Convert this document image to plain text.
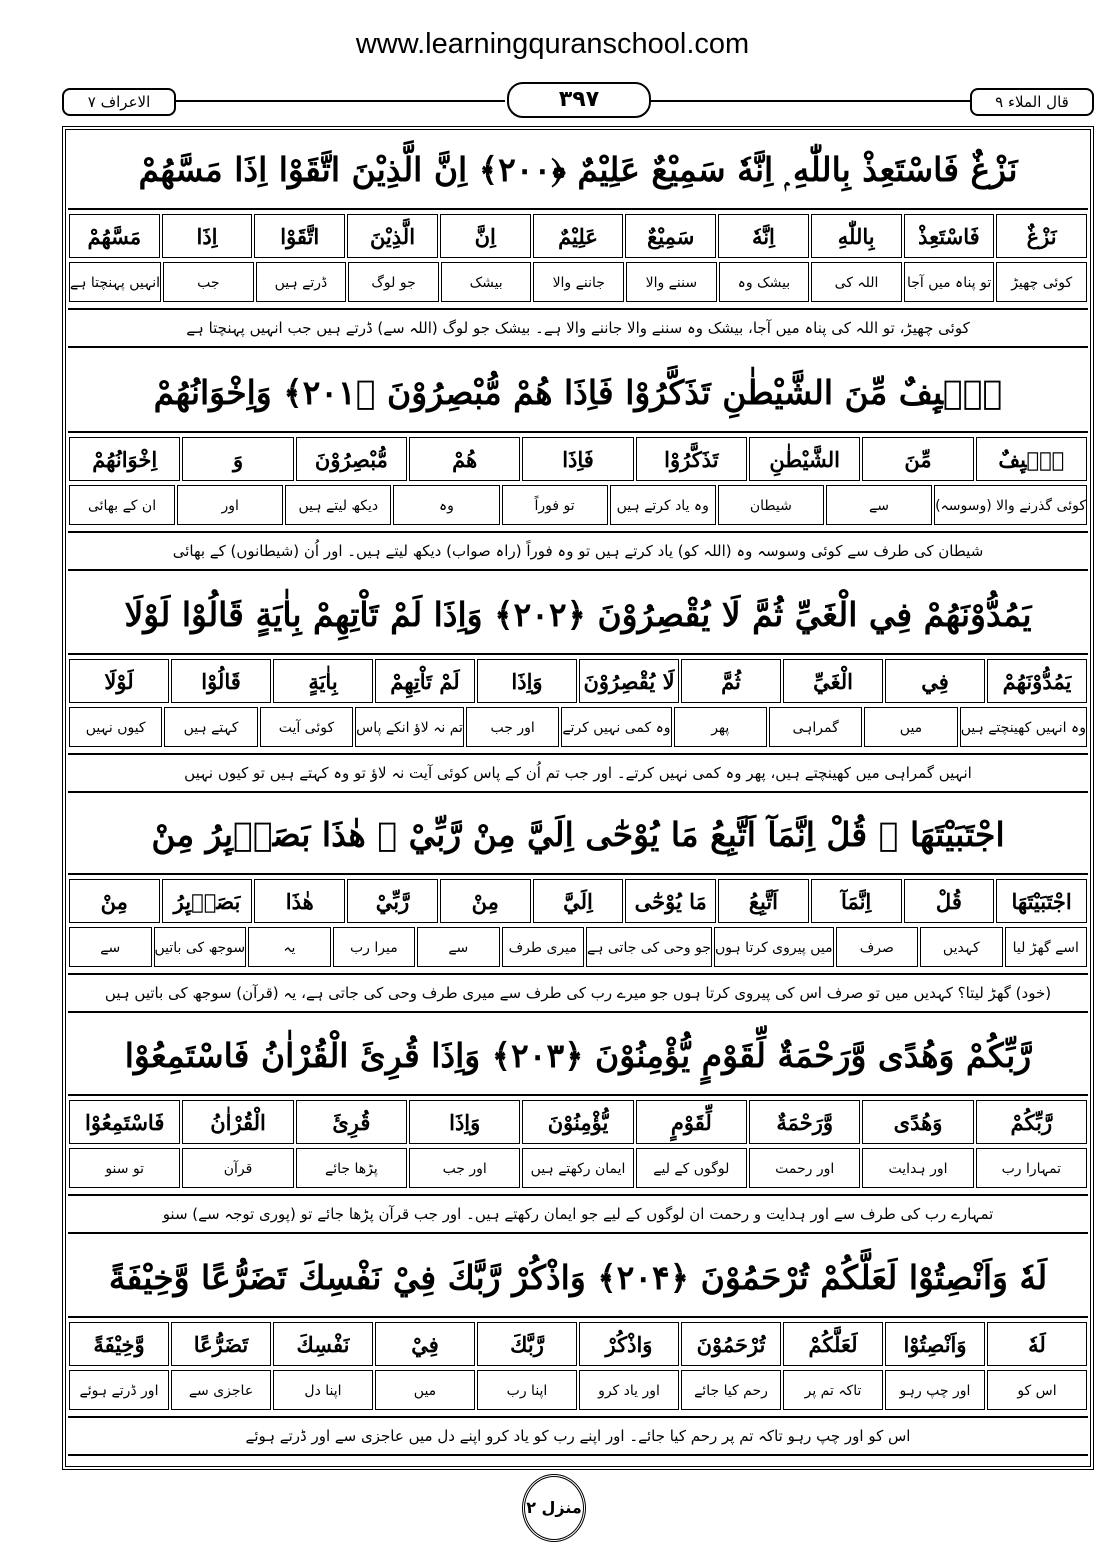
www.learningquranschool.com
قال الملاء ۹
۳۹۷
الاعراف ۷
نَزْغٌ فَاسْتَعِذْ بِاللّٰهِ ۭ اِنَّهٗ سَمِيْعٌ عَلِيْمٌ ﴿۲۰۰﴾ اِنَّ الَّذِيْنَ اتَّقَوْا اِذَا مَسَّهُمْ
نَزْغٌ
فَاسْتَعِذْ
بِاللّٰهِ
اِنَّهٗ
سَمِيْعٌ
عَلِيْمٌ
اِنَّ
الَّذِيْنَ
اتَّقَوْا
اِذَا
مَسَّهُمْ
کوئی چھیڑ
تو پناہ میں آجا
اللہ کی
بیشک وہ
سننے والا
جاننے والا
بیشک
جو لوگ
ڈرتے ہیں
جب
انہیں پہنچتا ہے
کوئی چھیڑ، تو اللہ کی پناہ میں آجا، بیشک وہ سننے والا جاننے والا ہے۔ بیشک جو لوگ (اللہ سے) ڈرتے ہیں جب انہیں پہنچتا ہے
طٰۗىِٕفٌ مِّنَ الشَّيْطٰنِ تَذَكَّرُوْا فَاِذَا هُمْ مُّبْصِرُوْنَ ﴿۲۰۱﴾ وَاِخْوَانُهُمْ
طٰۗىِٕفٌ
مِّنَ
الشَّيْطٰنِ
تَذَكَّرُوْا
فَاِذَا
هُمْ
مُّبْصِرُوْنَ
وَ
اِخْوَانُهُمْ
کوئی گذرنے والا (وسوسہ)
سے
شیطان
وہ یاد کرتے ہیں
تو فوراً
وہ
دیکھ لیتے ہیں
اور
ان کے بھائی
شیطان کی طرف سے کوئی وسوسہ وہ (اللہ کو) یاد کرتے ہیں تو وہ فوراً (راہ صواب) دیکھ لیتے ہیں۔ اور اُن (شیطانوں) کے بھائی
يَمُدُّوْنَهُمْ فِي الْغَيِّ ثُمَّ لَا يُقْصِرُوْنَ ﴿۲۰۲﴾ وَاِذَا لَمْ تَاْتِهِمْ بِاٰيَةٍ قَالُوْا لَوْلَا
يَمُدُّوْنَهُمْ
فِي
الْغَيِّ
ثُمَّ
لَا يُقْصِرُوْنَ
وَاِذَا
لَمْ تَاْتِهِمْ
بِاٰيَةٍ
قَالُوْا
لَوْلَا
وہ انہیں کھینچتے ہیں
میں
گمراہی
پھر
وہ کمی نہیں کرتے
اور جب
تم نہ لاؤ انکے پاس
کوئی آیت
کہتے ہیں
کیوں نہیں
انہیں گمراہی میں کھینچتے ہیں، پھر وہ کمی نہیں کرتے۔ اور جب تم اُن کے پاس کوئی آیت نہ لاؤ تو وہ کہتے ہیں تو کیوں نہیں
اجْتَبَيْتَهَا ۭ قُلْ اِنَّمَآ اَتَّبِعُ مَا يُوْحٰٓى اِلَيَّ مِنْ رَّبِّيْ ۚ هٰذَا بَصَاۗىِٕرُ مِنْ
اجْتَبَيْتَهَا
قُلْ
اِنَّمَآ
اَتَّبِعُ
مَا يُوْحٰٓى
اِلَيَّ
مِنْ
رَّبِّيْ
هٰذَا
بَصَاۗىِٕرُ
مِنْ
اسے گھڑ لیا
کہدیں
صرف
میں پیروی کرتا ہوں
جو وحی کی جاتی ہے
میری طرف
سے
میرا رب
یہ
سوجھ کی باتیں
سے
(خود) گھڑ لیتا؟ کہدیں میں تو صرف اس کی پیروی کرتا ہوں جو میرے رب کی طرف سے میری طرف وحی کی جاتی ہے، یہ (قرآن) سوجھ کی باتیں ہیں
رَّبِّكُمْ وَهُدًى وَّرَحْمَةٌ لِّقَوْمٍ يُّؤْمِنُوْنَ ﴿۲۰۳﴾ وَاِذَا قُرِئَ الْقُرْاٰنُ فَاسْتَمِعُوْا
رَّبِّكُمْ
وَهُدًى
وَّرَحْمَةٌ
لِّقَوْمٍ
يُّؤْمِنُوْنَ
وَاِذَا
قُرِئَ
الْقُرْاٰنُ
فَاسْتَمِعُوْا
تمہارا رب
اور ہدایت
اور رحمت
لوگوں کے لیے
ایمان رکھتے ہیں
اور جب
پڑھا جائے
قرآن
تو سنو
تمہارے رب کی طرف سے اور ہدایت و رحمت ان لوگوں کے لیے جو ایمان رکھتے ہیں۔ اور جب قرآن پڑھا جائے تو (پوری توجہ سے) سنو
لَهٗ وَاَنْصِتُوْا لَعَلَّكُمْ تُرْحَمُوْنَ ﴿۲۰۴﴾ وَاذْكُرْ رَّبَّكَ فِيْ نَفْسِكَ تَضَرُّعًا وَّخِيْفَةً
لَهٗ
وَاَنْصِتُوْا
لَعَلَّكُمْ
تُرْحَمُوْنَ
وَاذْكُرْ
رَّبَّكَ
فِيْ
نَفْسِكَ
تَضَرُّعًا
وَّخِيْفَةً
اس کو
اور چپ رہو
تاکہ تم پر
رحم کیا جائے
اور یاد کرو
اپنا رب
میں
اپنا دل
عاجزی سے
اور ڈرتے ہوئے
اس کو اور چپ رہو تاکہ تم پر رحم کیا جائے۔ اور اپنے رب کو یاد کرو اپنے دل میں عاجزی سے اور ڈرتے ہوئے
منزل ۲
